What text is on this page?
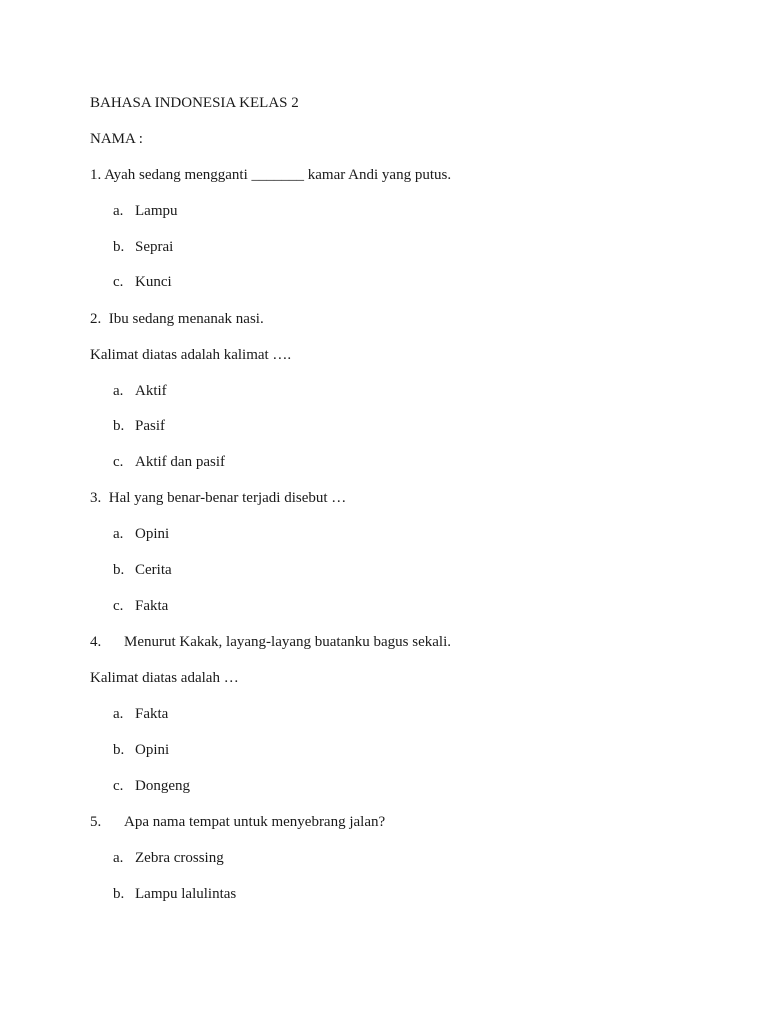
BAHASA INDONESIA KELAS 2
NAMA :
1. Ayah sedang mengganti _______ kamar Andi yang putus.
a. Lampu
b. Seprai
c. Kunci
2. Ibu sedang menanak nasi.
Kalimat diatas adalah kalimat ….
a. Aktif
b. Pasif
c. Aktif dan pasif
3. Hal yang benar-benar terjadi disebut …
a. Opini
b. Cerita
c. Fakta
4. Menurut Kakak, layang-layang buatanku bagus sekali.
Kalimat diatas adalah …
a. Fakta
b. Opini
c. Dongeng
5. Apa nama tempat untuk menyebrang jalan?
a. Zebra crossing
b. Lampu lalulintas
